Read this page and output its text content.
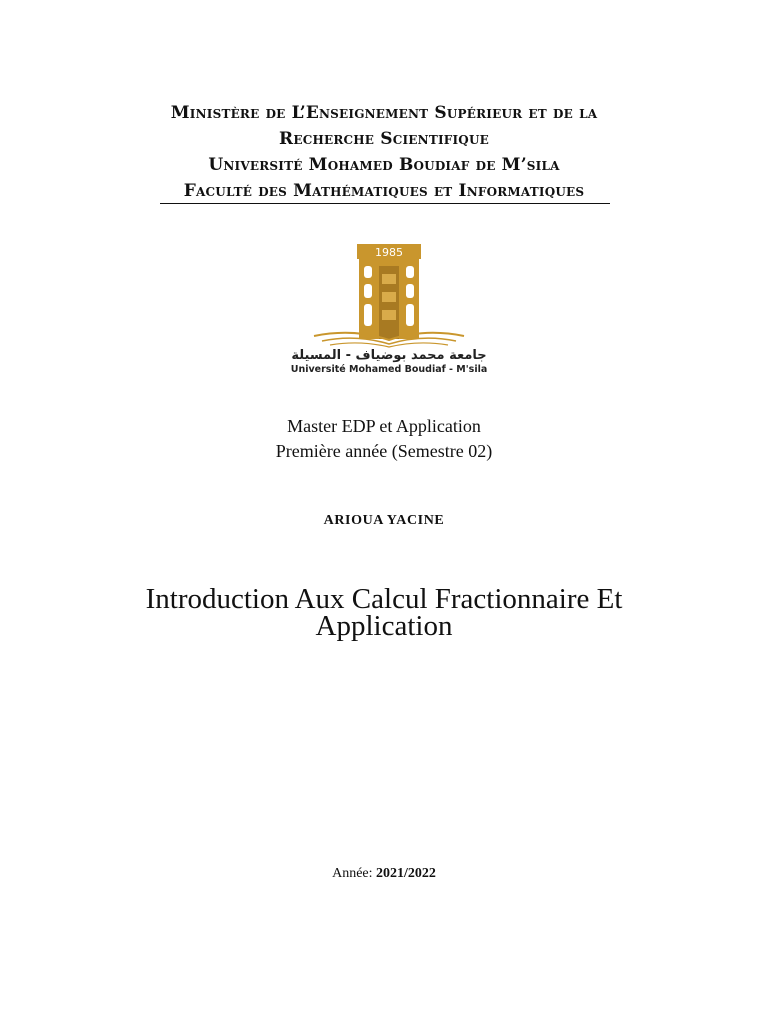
Ministère de L’Enseignement Supérieur et de la
Recherche Scientifique
Université Mohamed Boudiaf de M’sila
Faculté des Mathématiques et Informatiques
1985
جامعة محمد بوضياف - المسيلة
Université Mohamed Boudiaf - M'sila
Master EDP et Application
Première année (Semestre 02)
ARIOUA YACINE
Introduction Aux Calcul Fractionnaire Et
Application
Année: 2021/2022
